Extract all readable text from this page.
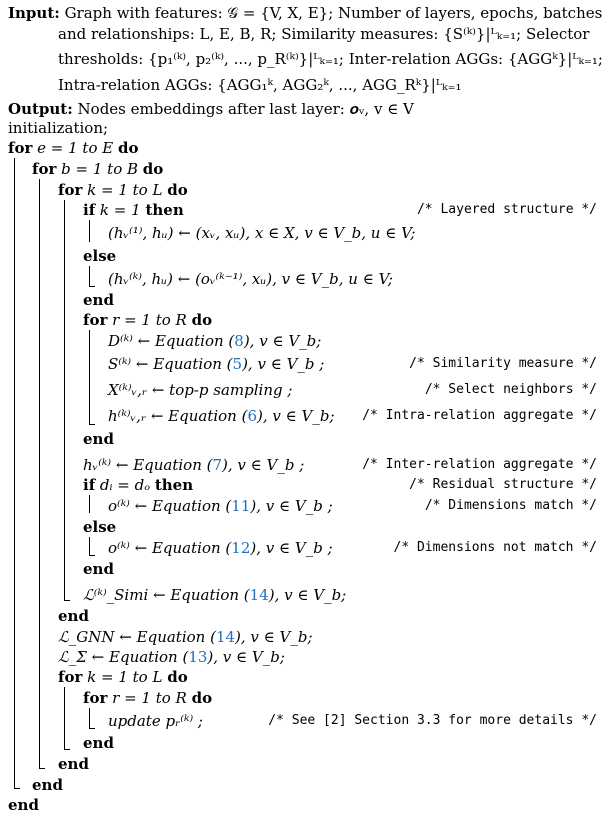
Input: Graph with features: 𝒢 = {V, X, E}; Number of layers, epochs, batches
and relationships: L, E, B, R; Similarity measures: {S⁽ᵏ⁾}|ᴸₖ₌₁; Selector
thresholds: {p₁⁽ᵏ⁾, p₂⁽ᵏ⁾, ..., p_R⁽ᵏ⁾}|ᴸₖ₌₁; Inter-relation AGGs: {AGGᵏ}|ᴸₖ₌₁;
Intra-relation AGGs: {AGG₁ᵏ, AGG₂ᵏ, ..., AGG_Rᵏ}|ᴸₖ₌₁
Output: Nodes embeddings after last layer: 𝒐ᵥ, v ∈ V
initialization;
for e = 1 to E do
for b = 1 to B do
for k = 1 to L do
if k = 1 then	/* Layered structure */
(hᵥ⁽¹⁾, hᵤ) ← (xᵥ, xᵤ), x ∈ X, v ∈ V_b, u ∈ V;
else
(hᵥ⁽ᵏ⁾, hᵤ) ← (oᵥ⁽ᵏ⁻¹⁾, xᵤ), v ∈ V_b, u ∈ V;
end
for r = 1 to R do
D⁽ᵏ⁾ ← Equation (8), v ∈ V_b;
S⁽ᵏ⁾ ← Equation (5), v ∈ V_b ;	/* Similarity measure */
X⁽ᵏ⁾ᵥ,ᵣ ← top-p sampling ;	/* Select neighbors */
h⁽ᵏ⁾ᵥ,ᵣ ← Equation (6), v ∈ V_b; /* Intra-relation aggregate */
end
hᵥ⁽ᵏ⁾ ← Equation (7), v ∈ V_b ;	/* Inter-relation aggregate */
if dᵢ = dₒ then	/* Residual structure */
o⁽ᵏ⁾ ← Equation (11), v ∈ V_b ;	/* Dimensions match */
else
o⁽ᵏ⁾ ← Equation (12), v ∈ V_b ;	/* Dimensions not match */
end
ℒ⁽ᵏ⁾_Simi ← Equation (14), v ∈ V_b;
end
ℒ_GNN ← Equation (14), v ∈ V_b;
ℒ_Σ ← Equation (13), v ∈ V_b;
for k = 1 to L do
for r = 1 to R do
update pᵣ⁽ᵏ⁾ ;	/* See [2] Section 3.3 for more details */
end
end
end
end
